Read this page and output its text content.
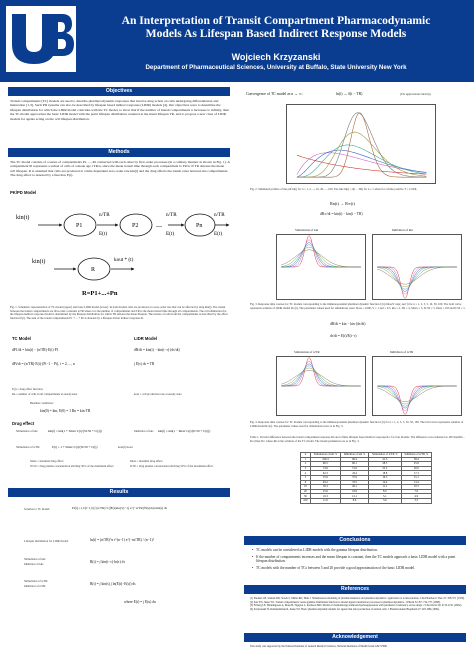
An Interpretation of Transit Compartment Pharmacodynamic
Models As Lifespan Based Indirect Response Models
Wojciech Krzyzanski
Department of Pharmaceutical Sciences, University at Buffalo, State University New York
Objectives
Transit compartments (TC) models are used to describe pharmacodynamic responses that involve drug action on cells undergoing differentiation and maturation [1-3]. Such PD systems can also be described by lifespan based indirect response (LIDR) models [4]. Our objectives were to determine the lifespan distribution for which the LIDR model coincides with the TC model, to show that if the number of transit compartments n increases to infinity, then the TC model approaches the basic LIDR model with the point lifespan distribution centered at the mean lifespan TR, and to propose a new class of LIDR models for agents acting on the cell lifespan distribution.
Methods
The TC model consists of a series of compartments P1, ..., Pn connected with each other by first-order processes (in a calmary manner as shown in Fig. 1). A compartment Pi represents a subset of cells of a mean age i TR/n, since the mean transit time through each compartment is TR/n. If TR denotes the mean cell lifespan. R is assumed that cells are produced at a time dependent zero-order rate kin(t) and the drug affects the transit rates between the compartments. The drug effect is denoted by a function E(t).
PK/PD Model
kin(t)
P1
n/TR
E(t)
P2 ...
n/TR
E(t)
Pn
n/TR
E(t)
kin(t)
R
kout * (t)
R=P1+...+Pn
Fig. 1. Schematic representation of TC model (upper) and basic LIDR model (lower). In both models cells are produced at a zero-order rate that can be affected by drug kin(t). The transit between the transit compartments are first-order constants n/TR where n is the number of compartments and TR is the mean transit time through all compartments. The cell elimination for the lifespan indirect response model is determined by the lifespan distribution for which TR denotes the mean lifespan. The release of cells from the compartments is described by the effect function E(t). The sum of the transit compartments P1 + ... + Pn is denoted by a lifespan driven indirect response R.
TC Model	LIDR Model
dP1/dt = kin(t) − (n/TR)·E(t)·P1
dPi/dt = (n/TR)·E(t)·(Pi−1 − Pi), i = 2, ..., n
dR/dt = kin(t) − kin(t−τ)·(dτ/dt)
∫ E(s) ds = TR
E(t) = drug effect function.
Rn = number of cells in all compartments at steady-state	kout = cell production rate at steady state
Baseline conditions:
kin(0) = kin, E(0) = 1 Rn = kin·TR
Drug effect
Stimulation of kin:	kin(t) = kin(1 + Smax·C(t)/(SC50 + C(t)))	Inhibition of kin: kin(t) = kin(1 − Imax·C(t)/(IC50 + C(t)))
Stimulation of n/TR:	E(t) = 1 + Smax·C(t)/(SC50 + C(t))	kout(t)=kout
Smax = maximal drug effect;
SC50 = drug plasma concentration eliciting 50% of the maximum effect.
Imax = maximal drug effect,
IC50 = drug plasma concentration eliciting 50% of the maximum effect.
Results
Solution to TC model:	Pi(t) = (1/(i−1)!) ∫ (n/TR)^i (∫E(u)du)^(i−1) e^(−n/TR ∫E(u)du) kin(s) ds
Lifespan distribution for LIDR model:	ln(t) = (n/TR)^n t^(n−1) e^(−nt/TR) / (n−1)!
Stimulation of kin:
Inhibition of kin:	R(t) = ∫ kin(t−τ)·ln(τ) dτ
Stimulation of n/TR:
Inhibition of n/TR:	R(t) = ∫ kin(s) ∫ ln(E(t)−E(s)) ds
where E(t) = ∫ E(u) du
Convergence of TC model as n → ∞:	ln(t) → δ(t − TR)	(The approximate identity)
Fig. 2. Simulated profiles of the pdf ln(t) for n = 1, 2, ..., 10, 20, ..., 100. The line ln(t) = δ(t − TR) for n ≥ 1 when for a finite positive T = 1/nTR.
Rn(t) → R∞(t)
dR∞/dt = kin(t) − kin(t − TR)
Stimulation of kin	Inhibition of kin
Fig. 3. Response time courses for TC models corresponding to the immunopotential pharmacodynamic function C(t)=DoseV·exp(−kel·t) for n = 1, 2, 3, 5, 10, 50, 100. The bold curve represents solution of LIDR model R∞(t). The parameter values used for simulations were: Dose = 1000, V = 1, kel = 0.5, kin = 2, TR = 4, Smax = 3, SC50 = 5, Imax = 0.8 and IC50 = 1.
dR/dt = kin − kin·(dτ/dt)
dτ/dt = E(t)/E(t−τ)
Stimulation of n/TR	Inhibition of n/TR
Fig. 4. Response time courses for TC models corresponding to the immunopotential pharmacodynamic function C(t) for n = 1, 2, 3, 5, 10, 50, 100. The bold curve represents solution of LIDR model R∞(t). The parameter values used for simulations were as in Fig. 3.
Table 1. Percent difference between the transit compartment response Rn and a finite lifespan based indirect response R∞ for four models. The difference was evaluated as 100·max|Rn − R∞|/max R∞ where Rn is the solution of the TC model. The model parameters are as in Fig. 3.
n	Stimulation of kin %	Inhibition of kin %	Stimulation of n/TR %	Inhibition of n/TR %
1	199.4	96.4	41.3	38.4
2	96.5	66.1	28.5	25.8
3	74.9	51.9	22.5	20.6
4	62.3	43.4	18.8	17.3
5	55.9	37.9	16.3	15.1
6	49.2	33.5	14.4	13.4
10	36.3	26.1	11.1	10.5
20	25.6	18.9	8.0	7.6
50	16.3	12.1	5.1	4.9
100	11.6	8.6	3.6	3.5
Conclusions
• TC models can be considered as LIDR models with the gamma lifespan distribution.
• If the number of compartments increases and the mean lifespan is constant, then the TC models approach a basic LIDR model with a point lifespan distribution.
• TC models with the number of TCs between 5 and 20 provide a good approximation of the basic LIDR model.
References
[1] Sheiner LB, Stanski DR, Vozeh S, Miller RD, Ham J. Simultaneous modeling of pharmacokinetics and pharmacodynamics: application to d-tubocurarine. Clin Pharmacol Ther 25: 358-371 (1979).
[2] Sun YN, Jusko WJ. Transit compartments versus gamma distribution function to model signal transduction processes in pharmacodynamics. J Pharm Sci 87: 732-737 (1998).
[3] Friberg LE, Henningsson A, Maas H, Nguyen L, Karlsson MO. Model of chemotherapy-induced myelosuppression with parameter consistency across drugs. J Clin Oncol 20: 4713-4721 (2002).
[4] Krzyzanski W, Ramakrishnan R, Jusko WJ. Basic pharmacodynamic models for agents that alter production of natural cells. J Pharmacokinet Biopharm 27: 467-489 (1999).
Acknowledgement
This study was supported by the National Institute of General Medical Sciences, National Institutes of Health Grant GM 57980.
